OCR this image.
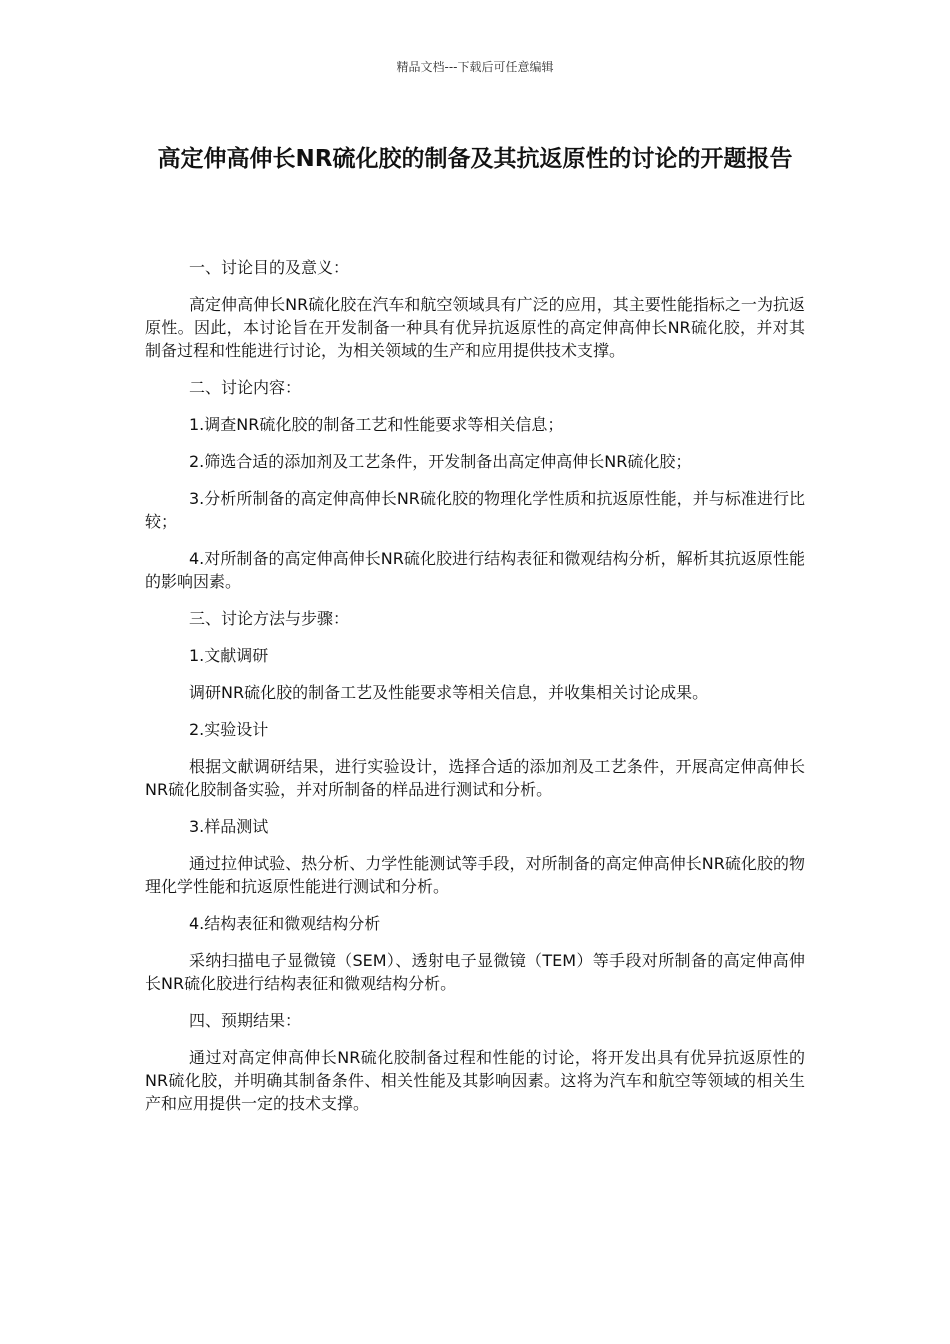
精品文档---下载后可任意编辑
高定伸高伸长NR硫化胶的制备及其抗返原性的讨论的开题报告

一、讨论目的及意义：

高定伸高伸长NR硫化胶在汽车和航空领域具有广泛的应用，其主要性能指标之一为抗返原性。因此，本讨论旨在开发制备一种具有优异抗返原性的高定伸高伸长NR硫化胶，并对其制备过程和性能进行讨论，为相关领域的生产和应用提供技术支撑。

二、讨论内容：

1.调查NR硫化胶的制备工艺和性能要求等相关信息；

2.筛选合适的添加剂及工艺条件，开发制备出高定伸高伸长NR硫化胶；

3.分析所制备的高定伸高伸长NR硫化胶的物理化学性质和抗返原性能，并与标准进行比较；

4.对所制备的高定伸高伸长NR硫化胶进行结构表征和微观结构分析，解析其抗返原性能的影响因素。

三、讨论方法与步骤：

1.文献调研

调研NR硫化胶的制备工艺及性能要求等相关信息，并收集相关讨论成果。

2.实验设计

根据文献调研结果，进行实验设计，选择合适的添加剂及工艺条件，开展高定伸高伸长NR硫化胶制备实验，并对所制备的样品进行测试和分析。

3.样品测试

通过拉伸试验、热分析、力学性能测试等手段，对所制备的高定伸高伸长NR硫化胶的物理化学性能和抗返原性能进行测试和分析。

4.结构表征和微观结构分析

采纳扫描电子显微镜（SEM）、透射电子显微镜（TEM）等手段对所制备的高定伸高伸长NR硫化胶进行结构表征和微观结构分析。

四、预期结果：

通过对高定伸高伸长NR硫化胶制备过程和性能的讨论，将开发出具有优异抗返原性的NR硫化胶，并明确其制备条件、相关性能及其影响因素。这将为汽车和航空等领域的相关生产和应用提供一定的技术支撑。
